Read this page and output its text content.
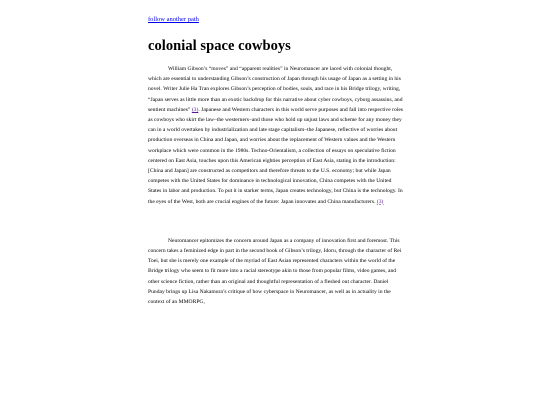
follow another path
colonial space cowboys

William Gibson’s “moves” and “apparent realities” in Neuromancer are laced with colonial thought, which are essential to understanding Gibson’s construction of Japan through his usage of Japan as a setting in his novel. Writer Julie Ha Tran explores Gibson’s perception of bodies, souls, and race in his Bridge trilogy, writing, “Japan serves as little more than an exotic backdrop for this narrative about cyber cowboys, cyborg assassins, and sentient machines” (3). Japanese and Western characters in this world serve purposes and fall into respective roles as cowboys who skirt the law–the westerners–and those who hold up unjust laws and scheme for any money they can in a world overtaken by industrialization and late stage capitalism–the Japanese, reflective of worries about production overseas in China and Japan, and worries about the replacement of Western values and the Western workplace which were common in the 1980s. Techno-Orientalism, a collection of essays on speculative fiction centered on East Asia, touches upon this American eighties perception of East Asia, stating in the introduction: [China and Japan] are constructed as competitors and therefore threats to the U.S. economy; but while Japan competes with the United States for dominance in technological innovation, China competes with the United States in labor and production. To put it in starker terms, Japan creates technology, but China is the technology. In the eyes of the West, both are crucial engines of the future: Japan innovates and China manufacturers. (3)

Neuromancer epitomizes the concern around Japan as a company of innovation first and foremost. This concern takes a feminized edge in part in the second book of Gibson’s trilogy, Idoru, through the character of Rei Toei, but she is merely one example of the myriad of East Asian represented characters within the world of the Bridge trilogy who seem to fit more into a racial stereotype akin to those from popular films, video games, and other science fiction, rather than an original and thoughtful representation of a fleshed out character. Daniel Punday brings up Lisa Nakamura’s critique of how cyberspace in Neuromancer, as well as in actuality in the context of an MMORPG,
